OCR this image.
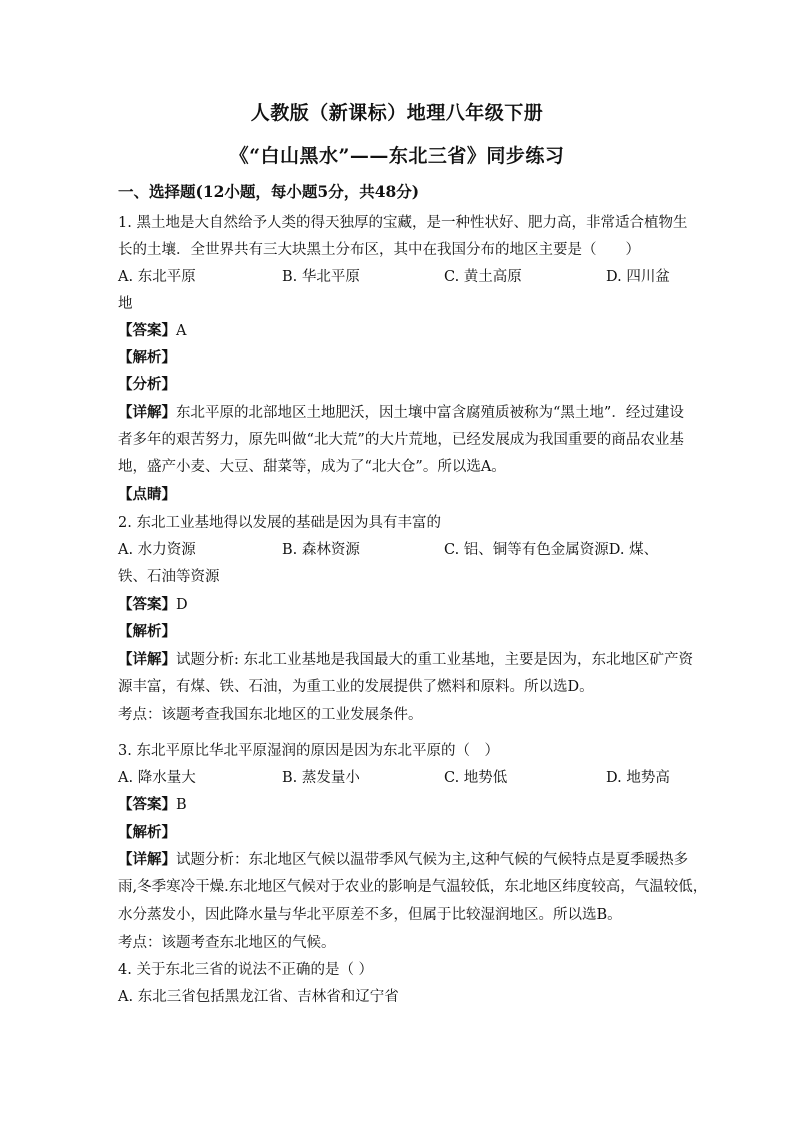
人教版（新课标）地理八年级下册
《“白山黑水”——东北三省》同步练习
一、选择题(12小题，每小题5分，共48分)
1. 黑土地是大自然给予人类的得天独厚的宝藏，是一种性状好、肥力高，非常适合植物生
长的土壤．全世界共有三大块黑土分布区，其中在我国分布的地区主要是（　　）
A. 东北平原	B. 华北平原	C. 黄土高原	D. 四川盆
地
【答案】A
【解析】
【分析】
【详解】东北平原的北部地区土地肥沃，因土壤中富含腐殖质被称为“黑土地”．经过建设
者多年的艰苦努力，原先叫做“北大荒”的大片荒地，已经发展成为我国重要的商品农业基
地，盛产小麦、大豆、甜菜等，成为了“北大仓”。所以选A。
【点睛】
2. 东北工业基地得以发展的基础是因为具有丰富的
A. 水力资源	B. 森林资源	C. 铝、铜等有色金属资源D. 煤、
铁、石油等资源
【答案】D
【解析】
【详解】试题分析: 东北工业基地是我国最大的重工业基地，主要是因为，东北地区矿产资
源丰富，有煤、铁、石油，为重工业的发展提供了燃料和原料。所以选D。
考点：该题考查我国东北地区的工业发展条件。
3. 东北平原比华北平原湿润的原因是因为东北平原的（　）
A. 降水量大	B. 蒸发量小	C. 地势低	D. 地势高
【答案】B
【解析】
【详解】试题分析：东北地区气候以温带季风气候为主,这种气候的气候特点是夏季暖热多
雨,冬季寒冷干燥.东北地区气候对于农业的影响是气温较低，东北地区纬度较高，气温较低，
水分蒸发小，因此降水量与华北平原差不多，但属于比较湿润地区。所以选B。
考点：该题考查东北地区的气候。
4. 关于东北三省的说法不正确的是（ ）
A. 东北三省包括黑龙江省、吉林省和辽宁省
